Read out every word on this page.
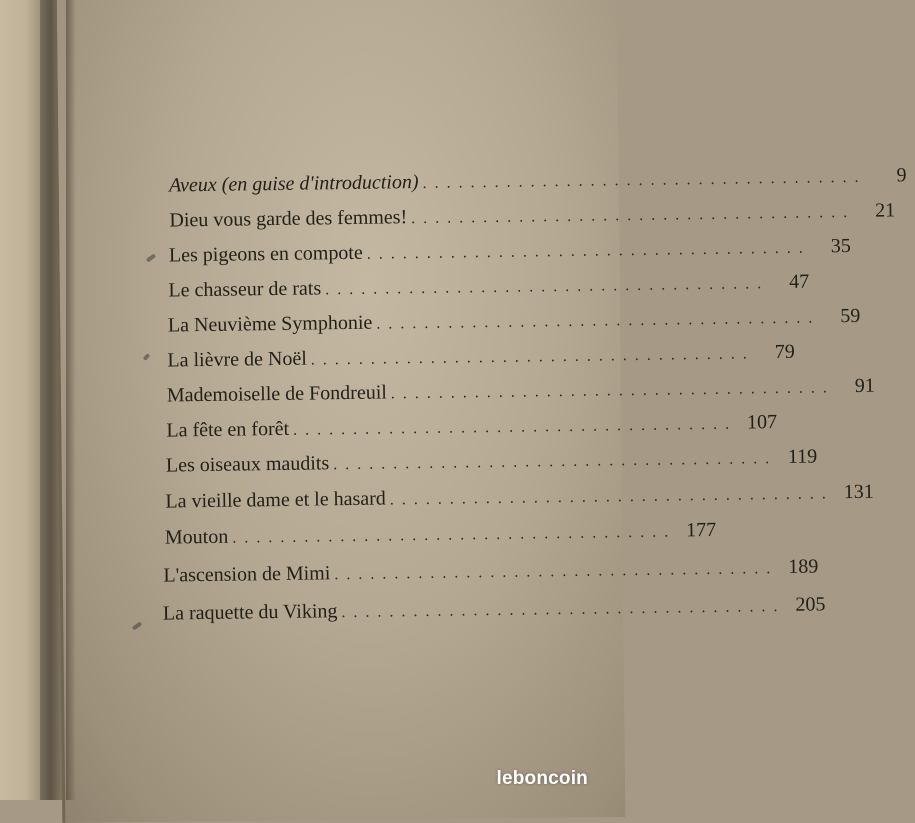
Aveux (en guise d'introduction) . . . . . . . . . . . . . . . . . . . . . . . . . . . . . . . . . . . . .	9
Dieu vous garde des femmes! . . . . . . . . . . . . . . . . . . . . . . . . . . . . . . . . . . . . .	21
Les pigeons en compote . . . . . . . . . . . . . . . . . . . . . . . . . . . . . . . . . . . . .	35
Le chasseur de rats . . . . . . . . . . . . . . . . . . . . . . . . . . . . . . . . . . . . .	47
La Neuvième Symphonie . . . . . . . . . . . . . . . . . . . . . . . . . . . . . . . . . . . . .	59
La lièvre de Noël . . . . . . . . . . . . . . . . . . . . . . . . . . . . . . . . . . . . .	79
Mademoiselle de Fondreuil . . . . . . . . . . . . . . . . . . . . . . . . . . . . . . . . . . . . .	91
La fête en forêt . . . . . . . . . . . . . . . . . . . . . . . . . . . . . . . . . . . . . 107
Les oiseaux maudits . . . . . . . . . . . . . . . . . . . . . . . . . . . . . . . . . . . . . 119
La vieille dame et le hasard . . . . . . . . . . . . . . . . . . . . . . . . . . . . . . . . . . . . . 131
Mouton . . . . . . . . . . . . . . . . . . . . . . . . . . . . . . . . . . . . . 177
L'ascension de Mimi . . . . . . . . . . . . . . . . . . . . . . . . . . . . . . . . . . . . . 189
La raquette du Viking . . . . . . . . . . . . . . . . . . . . . . . . . . . . . . . . . . . . . 205
leboncoin
